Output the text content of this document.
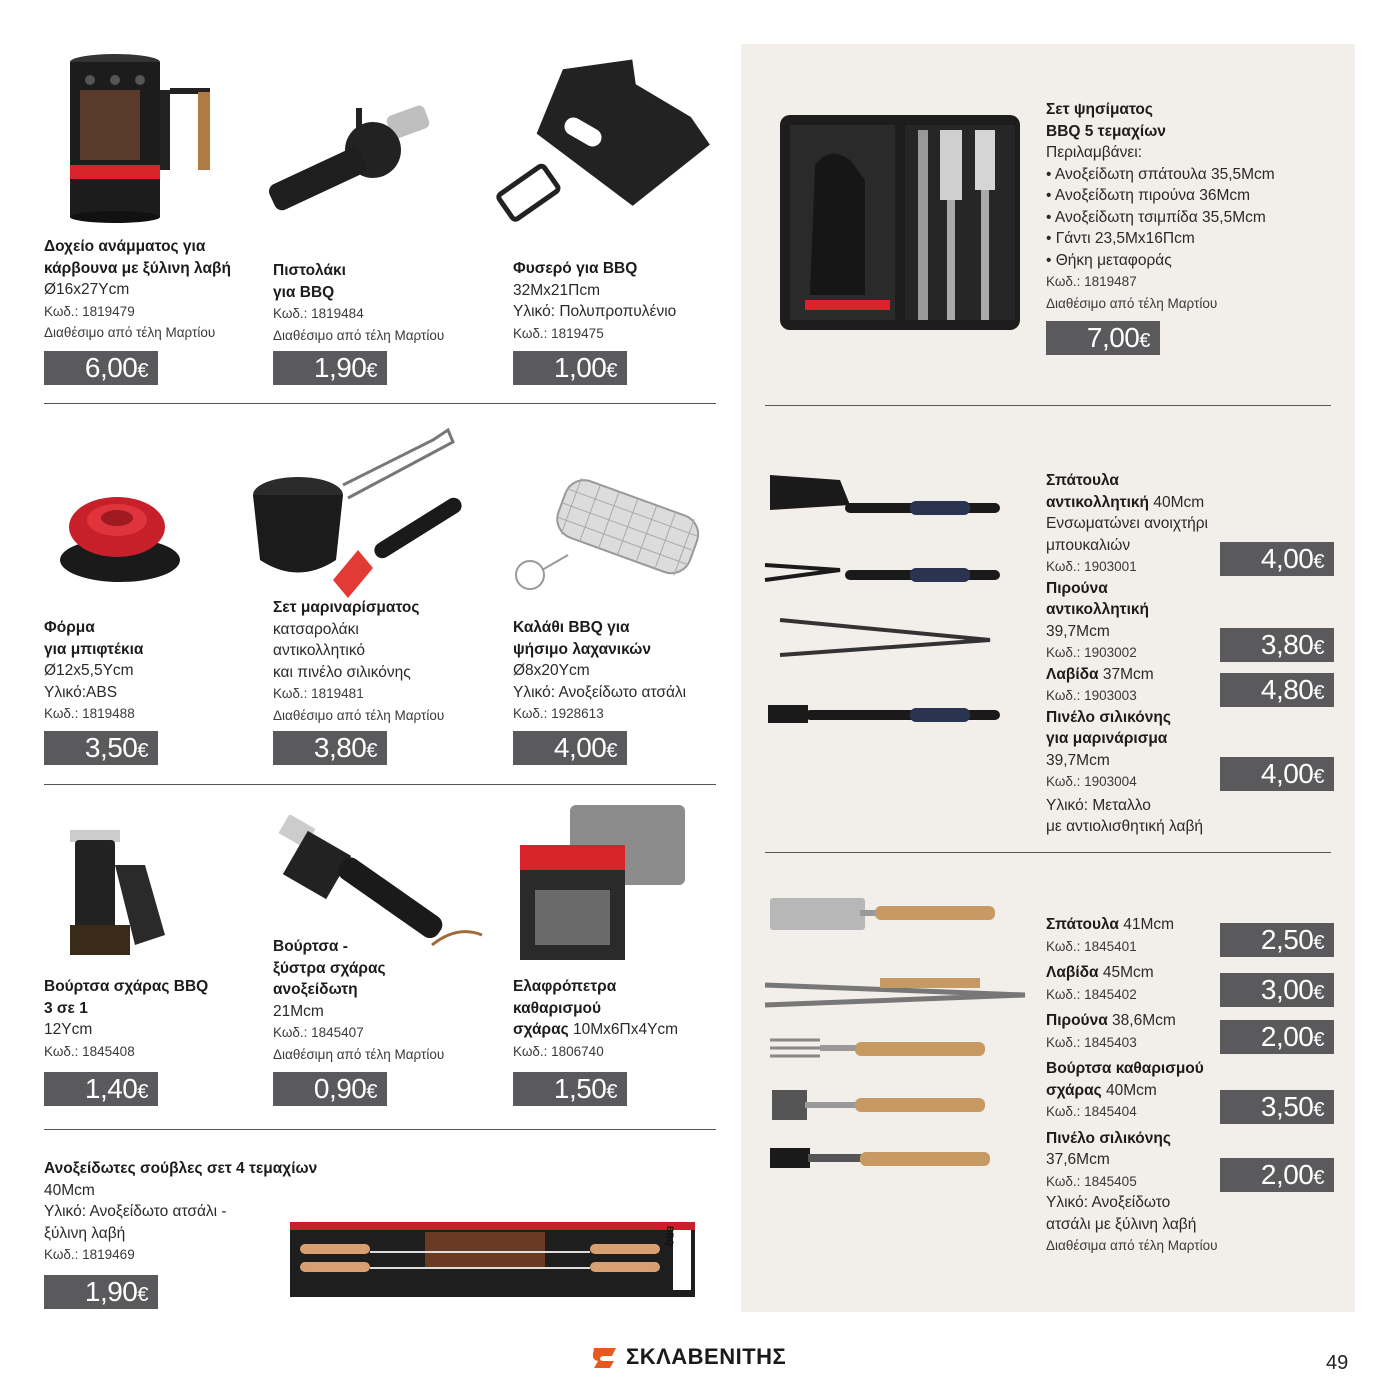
Δοχείο ανάμματος για
κάρβουνα με ξύλινη λαβή
Ø16x27Υcm
Κωδ.: 1819479
Διαθέσιμο από τέλη Μαρτίου
6,00€
Πιστολάκι
για BBQ
Κωδ.: 1819484
Διαθέσιμο από τέλη Μαρτίου
1,90€
Φυσερό για BBQ
32Mx21Πcm
Υλικό: Πολυπροπυλένιο
Κωδ.: 1819475
1,00€
Φόρμα
για μπιφτέκια
Ø12x5,5Υcm
Υλικό:ABS
Κωδ.: 1819488
3,50€
Σετ μαριναρίσματος
κατσαρολάκι
αντικολλητικό
και πινέλο σιλικόνης
Κωδ.: 1819481
Διαθέσιμο από τέλη Μαρτίου
3,80€
Καλάθι BBQ για
ψήσιμο λαχανικών
Ø8x20Υcm
Υλικό: Ανοξείδωτο ατσάλι
Κωδ.: 1928613
4,00€
Βούρτσα σχάρας BBQ
3 σε 1
12Υcm
Κωδ.: 1845408
1,40€
Βούρτσα -
ξύστρα σχάρας
ανοξείδωτη
21Mcm
Κωδ.: 1845407
Διαθέσιμη από τέλη Μαρτίου
0,90€
Ελαφρόπετρα
καθαρισμού
σχάρας 10Mx6Πx4Υcm
Κωδ.: 1806740
1,50€
Ανοξείδωτες σούβλες σετ 4 τεμαχίων
40Mcm
Υλικό: Ανοξείδωτο ατσάλι -
ξύλινη λαβή
Κωδ.: 1819469
1,90€
BBQ
Σετ ψησίματος
BBQ 5 τεμαχίων
Περιλαμβάνει:
• Ανοξείδωτη σπάτουλα 35,5Mcm
• Ανοξείδωτη πιρούνα 36Mcm
• Ανοξείδωτη τσιμπίδα 35,5Mcm
• Γάντι 23,5Mx16Πcm
• Θήκη μεταφοράς
Κωδ.: 1819487
Διαθέσιμο από τέλη Μαρτίου
7,00€
Σπάτουλα
αντικολλητική 40Mcm
Ενσωματώνει ανοιχτήρι
μπουκαλιών
Κωδ.: 1903001
Πιρούνα
αντικολλητική
39,7Mcm
Κωδ.: 1903002
Λαβίδα 37Mcm
Κωδ.: 1903003
Πινέλο σιλικόνης
για μαρινάρισμα
39,7Mcm
Κωδ.: 1903004
Υλικό: Μεταλλο
με αντιολισθητική λαβή
4,00€
3,80€
4,80€
4,00€
Σπάτουλα 41Mcm
Κωδ.: 1845401
Λαβίδα 45Mcm
Κωδ.: 1845402
Πιρούνα 38,6Mcm
Κωδ.: 1845403
Βούρτσα καθαρισμού
σχάρας 40Mcm
Κωδ.: 1845404
Πινέλο σιλικόνης
37,6Mcm
Κωδ.: 1845405
Υλικό: Ανοξείδωτο
ατσάλι με ξύλινη λαβή
Διαθέσιμα από τέλη Μαρτίου
2,50€
3,00€
2,00€
3,50€
2,00€
ΣΚΛΑΒΕΝΙΤΗΣ	49
